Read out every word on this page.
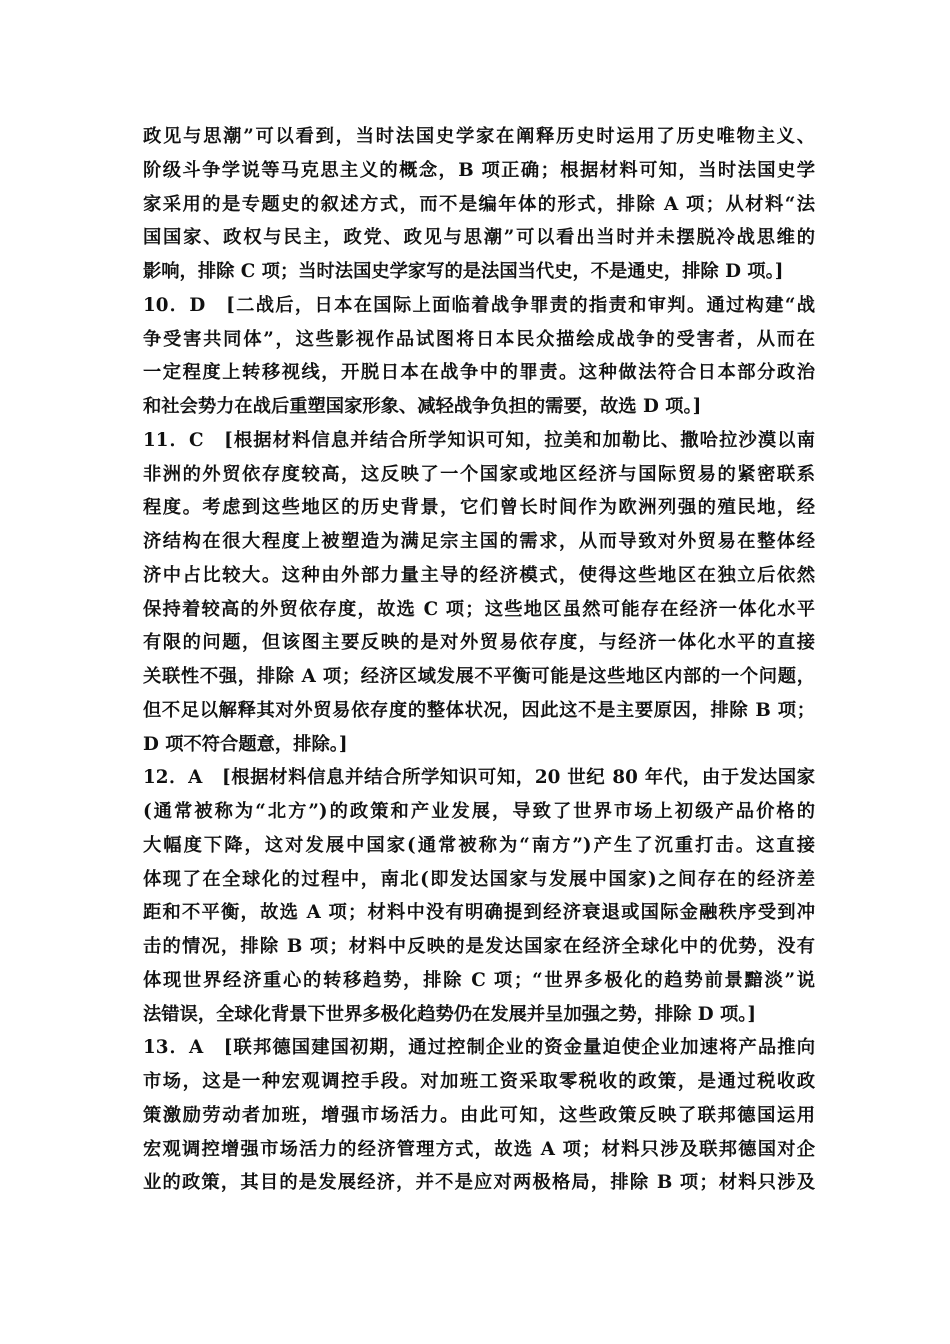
政见与思潮”可以看到，当时法国史学家在阐释历史时运用了历史唯物主义、
阶级斗争学说等马克思主义的概念，B 项正确；根据材料可知，当时法国史学
家采用的是专题史的叙述方式，而不是编年体的形式，排除 A 项；从材料“法
国国家、政权与民主，政党、政见与思潮”可以看出当时并未摆脱冷战思维的
影响，排除 C 项；当时法国史学家写的是法国当代史，不是通史，排除 D 项。]
10．D　[二战后，日本在国际上面临着战争罪责的指责和审判。通过构建“战
争受害共同体”，这些影视作品试图将日本民众描绘成战争的受害者，从而在
一定程度上转移视线，开脱日本在战争中的罪责。这种做法符合日本部分政治
和社会势力在战后重塑国家形象、减轻战争负担的需要，故选 D 项。]
11．C　[根据材料信息并结合所学知识可知，拉美和加勒比、撒哈拉沙漠以南
非洲的外贸依存度较高，这反映了一个国家或地区经济与国际贸易的紧密联系
程度。考虑到这些地区的历史背景，它们曾长时间作为欧洲列强的殖民地，经
济结构在很大程度上被塑造为满足宗主国的需求，从而导致对外贸易在整体经
济中占比较大。这种由外部力量主导的经济模式，使得这些地区在独立后依然
保持着较高的外贸依存度，故选 C 项；这些地区虽然可能存在经济一体化水平
有限的问题，但该图主要反映的是对外贸易依存度，与经济一体化水平的直接
关联性不强，排除 A 项；经济区域发展不平衡可能是这些地区内部的一个问题，
但不足以解释其对外贸易依存度的整体状况，因此这不是主要原因，排除 B 项；
D 项不符合题意，排除。]
12．A　[根据材料信息并结合所学知识可知，20 世纪 80 年代，由于发达国家
(通常被称为“北方”)的政策和产业发展，导致了世界市场上初级产品价格的
大幅度下降，这对发展中国家(通常被称为“南方”)产生了沉重打击。这直接
体现了在全球化的过程中，南北(即发达国家与发展中国家)之间存在的经济差
距和不平衡，故选 A 项；材料中没有明确提到经济衰退或国际金融秩序受到冲
击的情况，排除 B 项；材料中反映的是发达国家在经济全球化中的优势，没有
体现世界经济重心的转移趋势，排除 C 项；“世界多极化的趋势前景黯淡”说
法错误，全球化背景下世界多极化趋势仍在发展并呈加强之势，排除 D 项。]
13．A　[联邦德国建国初期，通过控制企业的资金量迫使企业加速将产品推向
市场，这是一种宏观调控手段。对加班工资采取零税收的政策，是通过税收政
策激励劳动者加班，增强市场活力。由此可知，这些政策反映了联邦德国运用
宏观调控增强市场活力的经济管理方式，故选 A 项；材料只涉及联邦德国对企
业的政策，其目的是发展经济，并不是应对两极格局，排除 B 项；材料只涉及
